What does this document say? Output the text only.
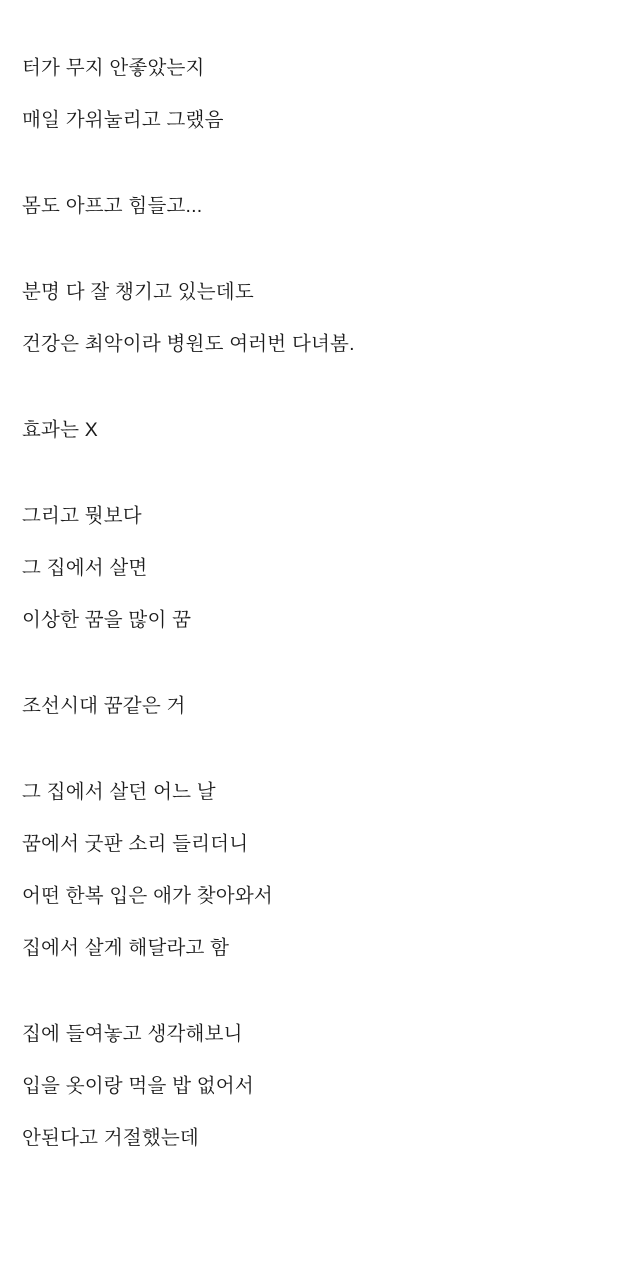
터가 무지 안좋았는지
매일 가위눌리고 그랬음
몸도 아프고 힘들고...
분명 다 잘 챙기고 있는데도
건강은 최악이라 병원도 여러번 다녀봄.
효과는 X
그리고 뭣보다
그 집에서 살면
이상한 꿈을 많이 꿈
조선시대 꿈같은 거
그 집에서 살던 어느 날
꿈에서 굿판 소리 들리더니
어떤 한복 입은 애가 찾아와서
집에서 살게 해달라고 함
집에 들여놓고 생각해보니
입을 옷이랑 먹을 밥 없어서
안된다고 거절했는데
